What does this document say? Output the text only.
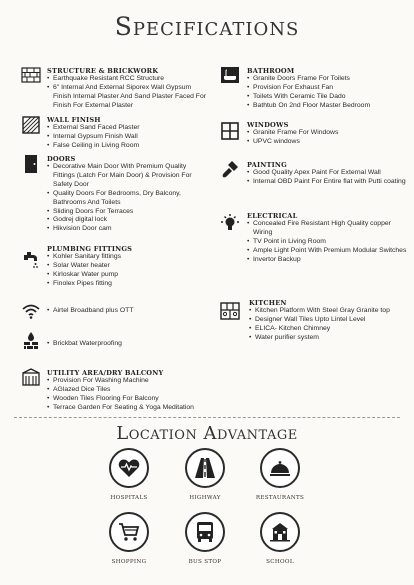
Specifications
STRUCTURE & BRICKWORK
• Earthquake Resistant RCC Structure
• 6" Internal And External Siporex Wall Gypsum Finish Internal Plaster And Sand Plaster Faced For Finish For External Plaster
WALL FINISH
• External Sand Faced Plaster
• Internal Gypsum Finish Wall
• False Ceiling in Living Room
DOORS
• Decorative Main Door With Premium Quality Fittings (Latch For Main Door) & Provision For Safety Door
• Quality Doors For Bedrooms, Dry Balcony, Bathrooms And Toilets
• Sliding Doors For Terraces
• Godrej digital lock
• Hikvision Door cam
PLUMBING FITTINGS
• Kohler Sanitary fittings
• Solar Water heater
• Kirloskar Water pump
• Finolex Pipes fitting
• Airtel Broadband plus OTT
• Brickbat Waterproofing
UTILITY AREA/DRY BALCONY
• Provision For Washing Machine
• AGlazed Dice Tiles
• Wooden Tiles Flooring For Balcony
• Terrace Garden For Seating & Yoga Meditation
BATHROOM
• Granite Doors Frame For Toilets
• Provision For Exhaust Fan
• Toilets With Ceramic Tile Dado
• Bathtub On 2nd Floor Master Bedroom
WINDOWS
• Granite Frame For Windows
• UPVC windows
PAINTING
• Good Quality Apex Paint For External Wall
• Internal OBD Paint For Entire flat with Putti coating
ELECTRICAL
• Concealed Fire Resistant High Quality copper Wiring
• TV Point in Living Room
• Ample Light Point With Premium Modular Switches
• Invertor Backup
KITCHEN
• Kitchen Platform With Steel Gray Granite top
• Designer Wall Tiles Upto Lintel Level
• ELICA- Kitchen Chimney
• Water purifier system
Location Advantage
HOSPITALS	HIGHWAY	RESTAURANTS
SHOPPING	BUS STOP	SCHOOL
